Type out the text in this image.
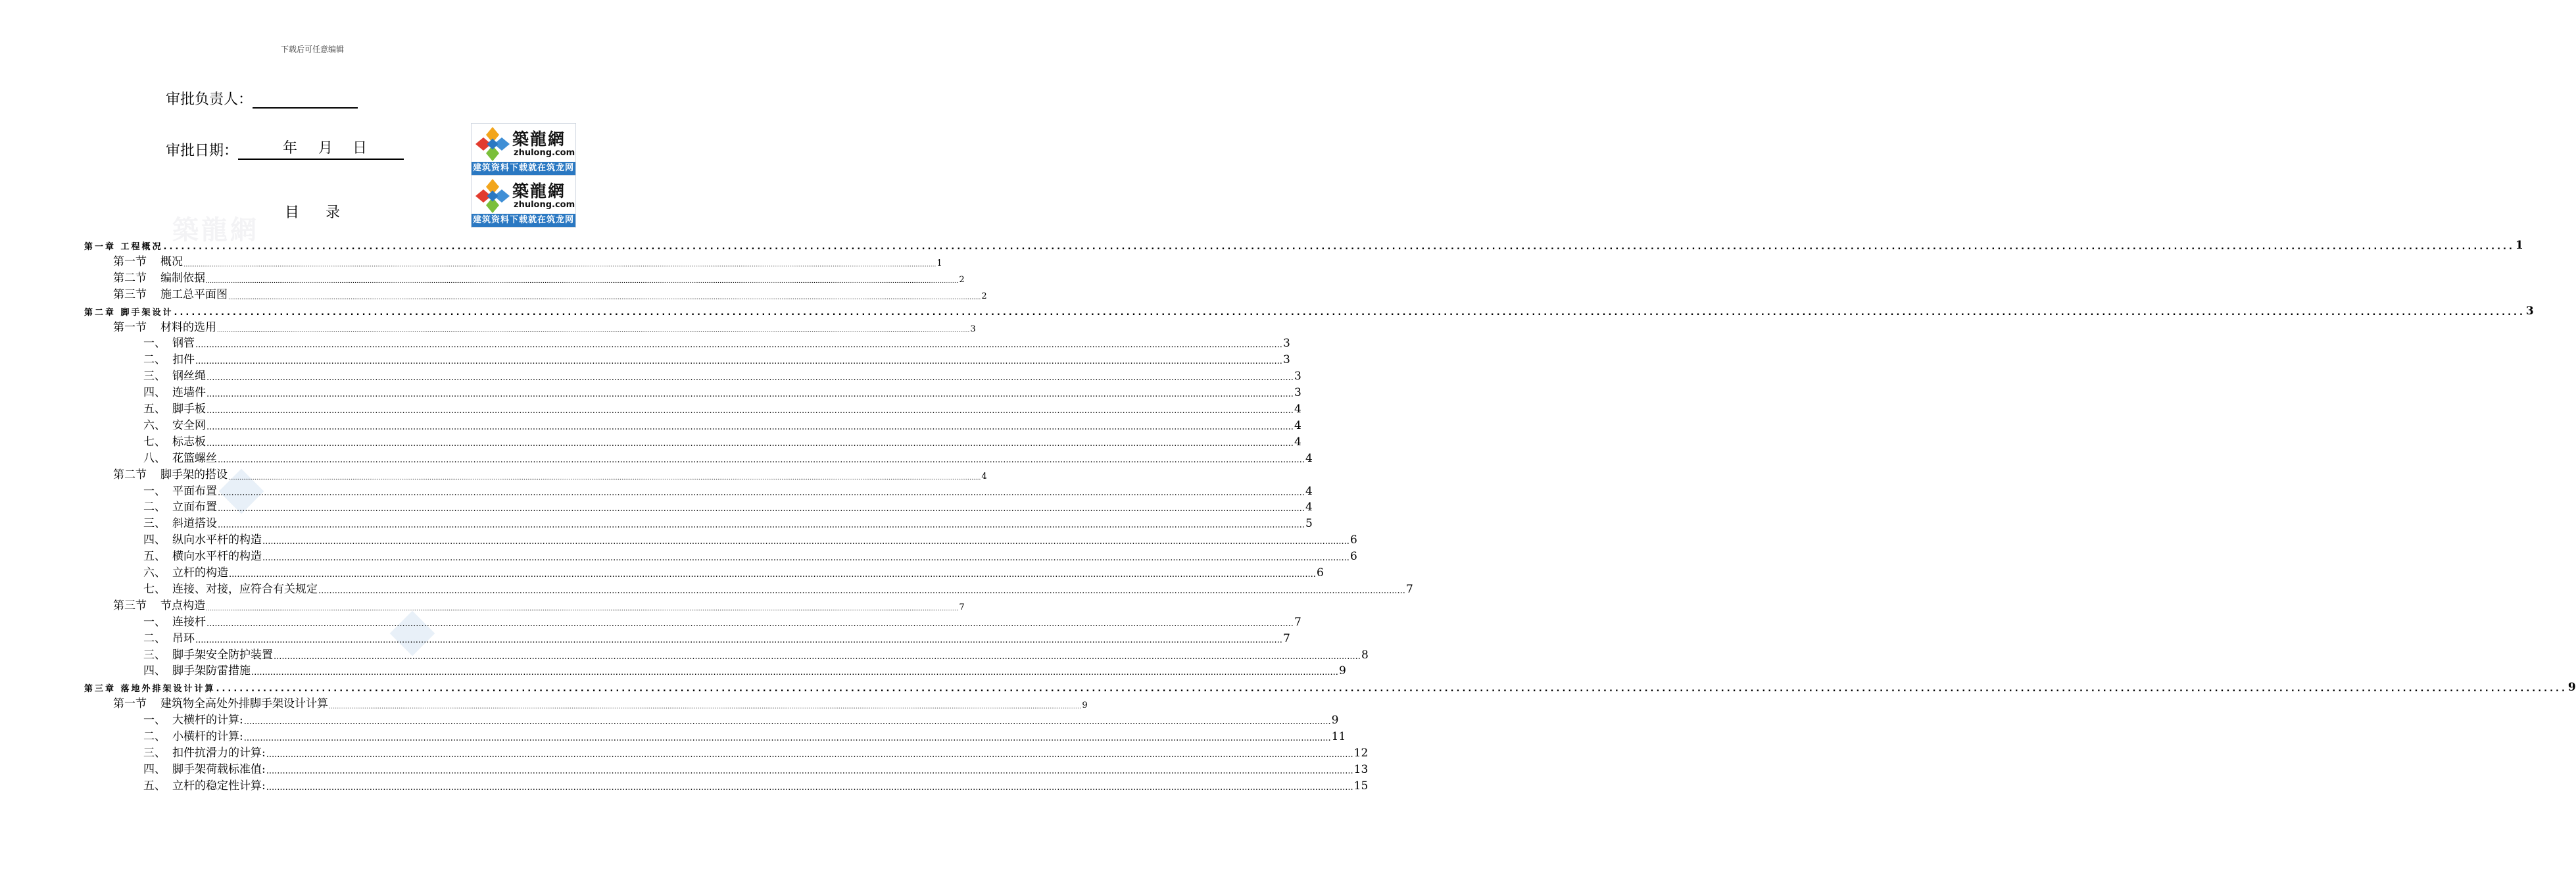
下载后可任意编辑
审批负责人：
审批日期：	年 月 日	築龍網
zhulong.com
建筑资料下载就在筑龙网
築龍網
zhulong.com
建筑资料下载就在筑龙网
築龍網
目录
第一章 工程概况 ................................................................................................................................................................................................................................................................................................................................................................................................................ 1
第一节 概况 ................................................................................................................................................................................................................................................................................................................................................................................................................ 1
第二节 编制依据 ................................................................................................................................................................................................................................................................................................................................................................................................................ 2
第三节 施工总平面图 ................................................................................................................................................................................................................................................................................................................................................................................................................ 2
第二章 脚手架设计 ................................................................................................................................................................................................................................................................................................................................................................................................................ 3
第一节 材料的选用 ................................................................................................................................................................................................................................................................................................................................................................................................................ 3
一、 钢管 ................................................................................................................................................................................................................................................................................................................................................................................................................ 3
二、 扣件 ................................................................................................................................................................................................................................................................................................................................................................................................................ 3
三、 钢丝绳 ................................................................................................................................................................................................................................................................................................................................................................................................................ 3
四、 连墙件 ................................................................................................................................................................................................................................................................................................................................................................................................................ 3
五、 脚手板 ................................................................................................................................................................................................................................................................................................................................................................................................................ 4
六、 安全网 ................................................................................................................................................................................................................................................................................................................................................................................................................ 4
七、 标志板 ................................................................................................................................................................................................................................................................................................................................................................................................................ 4
八、 花篮螺丝 ................................................................................................................................................................................................................................................................................................................................................................................................................ 4
第二节 脚手架的搭设 ................................................................................................................................................................................................................................................................................................................................................................................................................ 4
一、 平面布置 ................................................................................................................................................................................................................................................................................................................................................................................................................ 4
二、 立面布置 ................................................................................................................................................................................................................................................................................................................................................................................................................ 4
三、 斜道搭设 ................................................................................................................................................................................................................................................................................................................................................................................................................ 5
四、 纵向水平杆的构造 ................................................................................................................................................................................................................................................................................................................................................................................................................ 6
五、 横向水平杆的构造 ................................................................................................................................................................................................................................................................................................................................................................................................................ 6
六、 立杆的构造 ................................................................................................................................................................................................................................................................................................................................................................................................................ 6
七、 连接、对接，应符合有关规定 ................................................................................................................................................................................................................................................................................................................................................................................................................ 7
第三节 节点构造 ................................................................................................................................................................................................................................................................................................................................................................................................................ 7
一、 连接杆 ................................................................................................................................................................................................................................................................................................................................................................................................................ 7
二、 吊环 ................................................................................................................................................................................................................................................................................................................................................................................................................ 7
三、 脚手架安全防护装置 ................................................................................................................................................................................................................................................................................................................................................................................................................ 8
四、 脚手架防雷措施 ................................................................................................................................................................................................................................................................................................................................................................................................................ 9
第三章 落地外排架设计计算 ................................................................................................................................................................................................................................................................................................................................................................................................................ 9
第一节 建筑物全高处外排脚手架设计计算 ................................................................................................................................................................................................................................................................................................................................................................................................................ 9
一、 大横杆的计算: ................................................................................................................................................................................................................................................................................................................................................................................................................ 9
二、 小横杆的计算: ................................................................................................................................................................................................................................................................................................................................................................................................................ 11
三、 扣件抗滑力的计算: ................................................................................................................................................................................................................................................................................................................................................................................................................ 12
四、 脚手架荷载标准值: ................................................................................................................................................................................................................................................................................................................................................................................................................ 13
五、 立杆的稳定性计算: ................................................................................................................................................................................................................................................................................................................................................................................................................ 15
